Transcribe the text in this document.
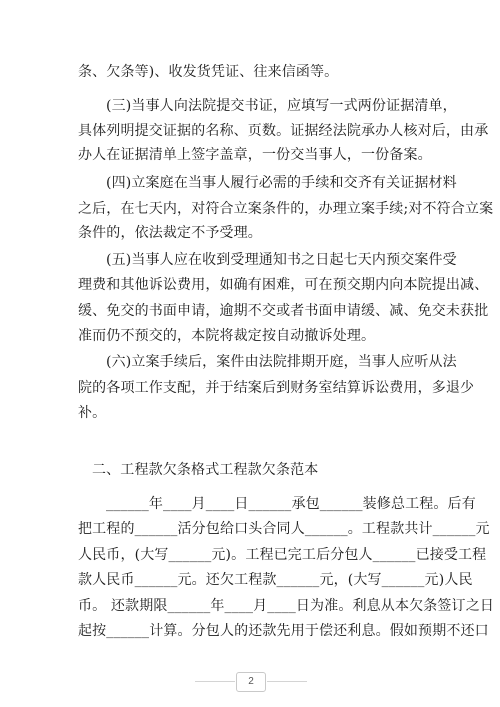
条、欠条等)、收发货凭证、往来信函等。
(三)当事人向法院提交书证，应填写一式两份证据清单，
具体列明提交证据的名称、页数。证据经法院承办人核对后，由承
办人在证据清单上签字盖章，一份交当事人，一份备案。
(四)立案庭在当事人履行必需的手续和交齐有关证据材料
之后，在七天内，对符合立案条件的，办理立案手续;对不符合立案
条件的，依法裁定不予受理。
(五)当事人应在收到受理通知书之日起七天内预交案件受
理费和其他诉讼费用，如确有困难，可在预交期内向本院提出减、
缓、免交的书面申请，逾期不交或者书面申请缓、减、免交未获批
准而仍不预交的，本院将裁定按自动撤诉处理。
(六)立案手续后，案件由法院排期开庭，当事人应听从法
院的各项工作支配，并于结案后到财务室结算诉讼费用，多退少
补。
二、工程款欠条格式工程款欠条范本
______年____月____日______承包______装修总工程。后有
把工程的______活分包给口头合同人______。工程款共计______元
人民币，(大写______元)。工程已完工后分包人______已接受工程
款人民币______元。还欠工程款______元，(大写______元)人民
币。 还款期限______年____月____日为准。利息从本欠条签订之日
起按______计算。分包人的还款先用于偿还利息。假如预期不还口
2
